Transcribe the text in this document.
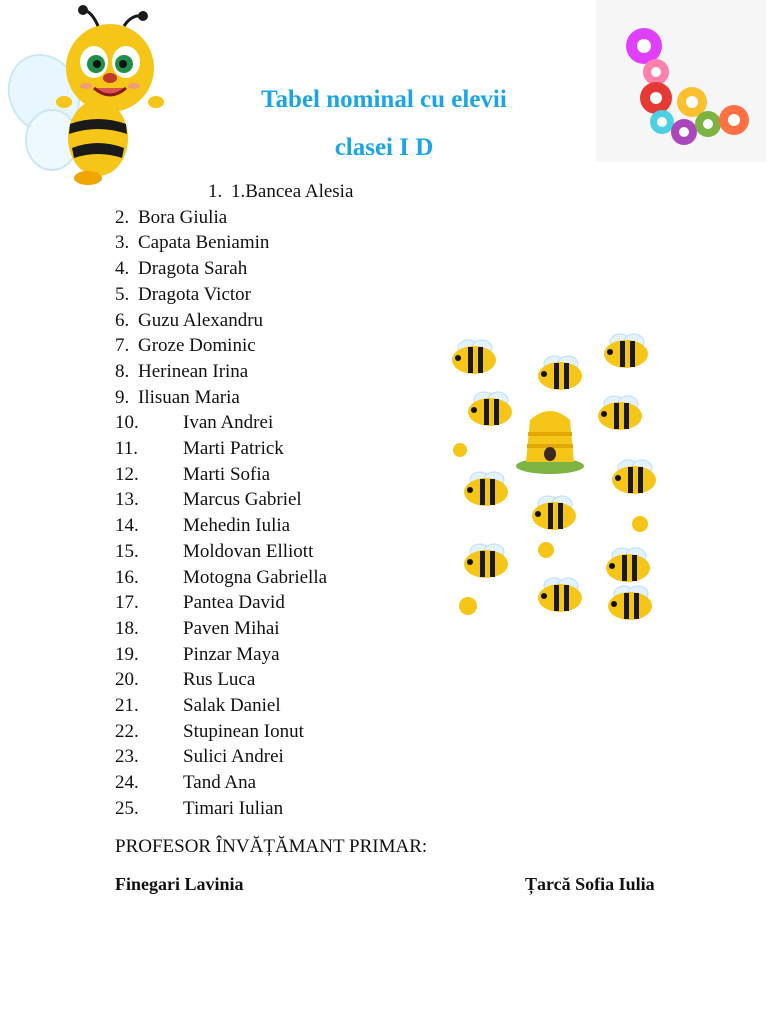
Tabel nominal cu elevii
clasei I D
1. 1.Bancea Alesia
2. Bora Giulia
3. Capata Beniamin
4. Dragota Sarah
5. Dragota Victor
6. Guzu Alexandru
7. Groze Dominic
8. Herinean Irina
9. Ilisuan Maria
10. Ivan Andrei
11. Marti Patrick
12. Marti Sofia
13. Marcus Gabriel
14. Mehedin Iulia
15. Moldovan Elliott
16. Motogna Gabriella
17. Pantea David
18. Paven Mihai
19. Pinzar Maya
20. Rus Luca
21. Salak Daniel
22. Stupinean Ionut
23. Sulici Andrei
24. Tand Ana
25. Timari Iulian
PROFESOR ÎNVĂȚĂMANT PRIMAR:
Finegari Lavinia	Țarcă Sofia Iulia
